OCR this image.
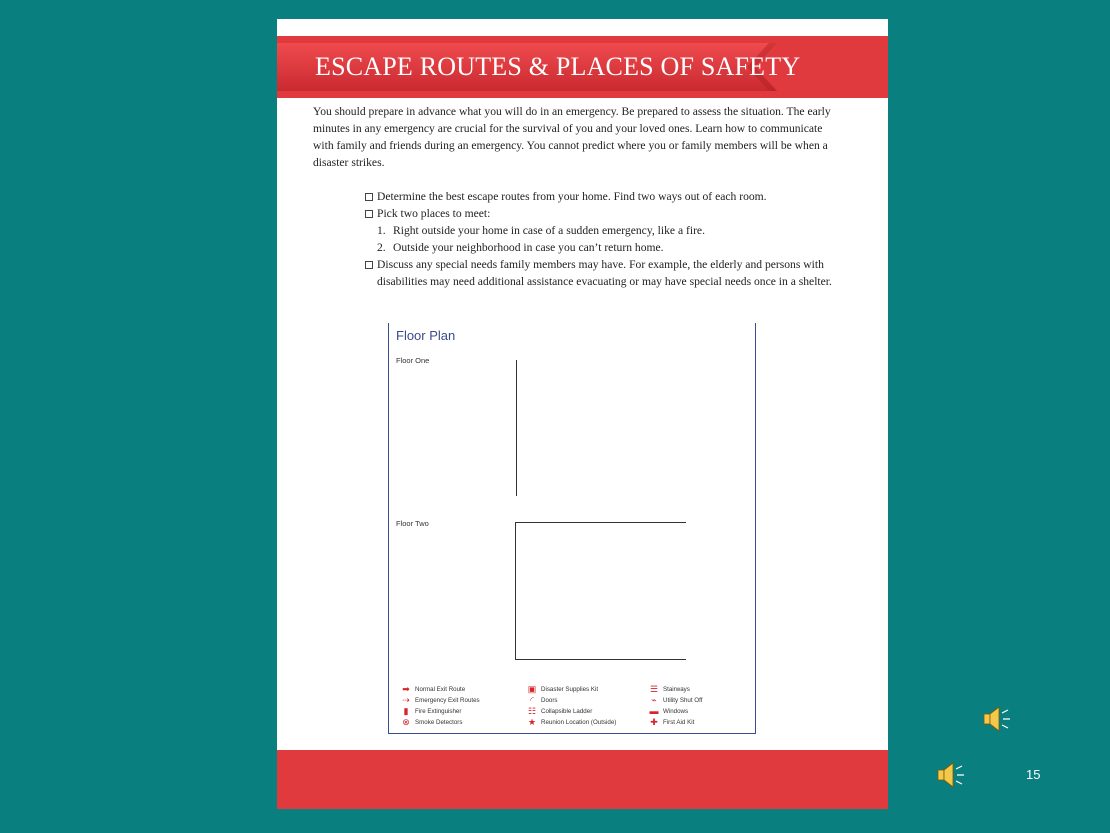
ESCAPE ROUTES & PLACES OF SAFETY
You should prepare in advance what you will do in an emergency. Be prepared to assess the situation. The early minutes in any emergency are crucial for the survival of you and your loved ones. Learn how to communicate with family and friends during an emergency. You cannot predict where you or family members will be when a disaster strikes.
Determine the best escape routes from your home. Find two ways out of each room.
Pick two places to meet:
1. Right outside your home in case of a sudden emergency, like a fire.
2. Outside your neighborhood in case you can’t return home.
Discuss any special needs family members may have. For example, the elderly and persons with disabilities may need additional assistance evacuating or may have special needs once in a shelter.
Floor Plan
Floor One
Floor Two
➡ Normal Exit Route
⇢ Emergency Exit Routes
▮ Fire Extinguisher
⊗ Smoke Detectors
▣ Disaster Supplies Kit
◜ Doors
☷ Collapsible Ladder
★ Reunion Location (Outside)
☰ Stairways
⌁ Utility Shut Off
▬ Windows
✚ First Aid Kit
15
